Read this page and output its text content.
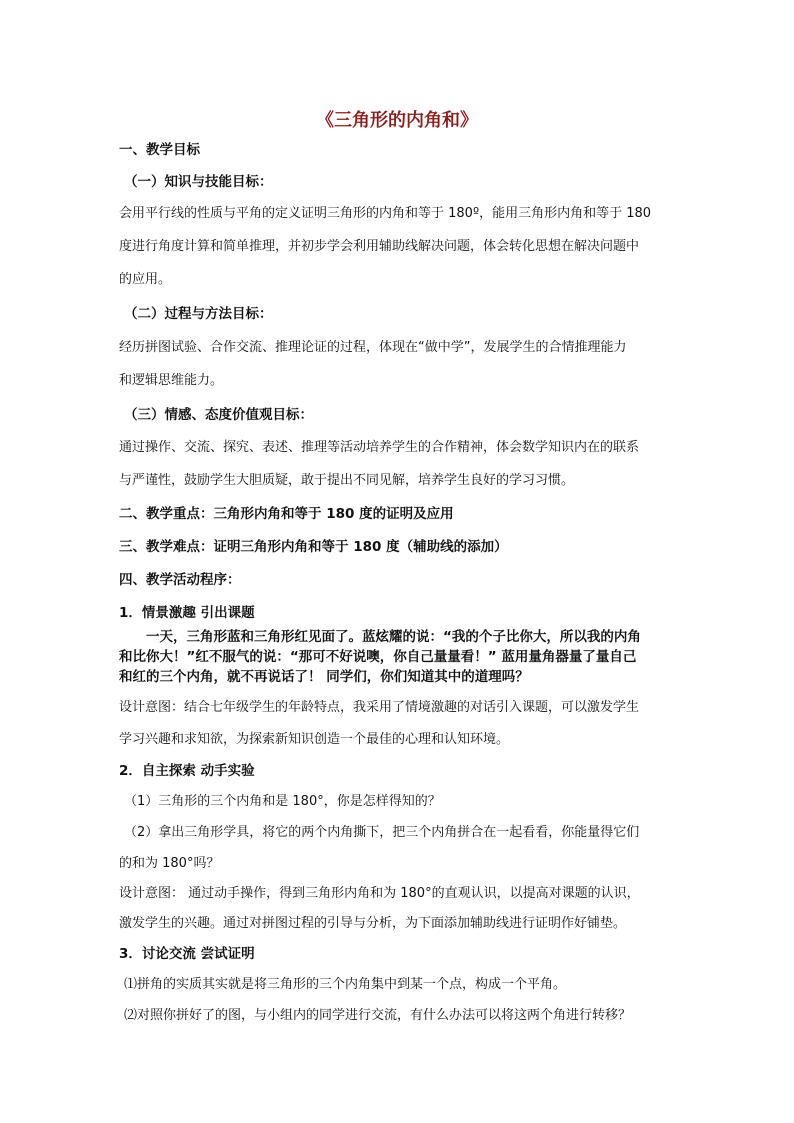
《三角形的内角和》
一、教学目标
（一）知识与技能目标：
会用平行线的性质与平角的定义证明三角形的内角和等于 180º，能用三角形内角和等于 180
度进行角度计算和简单推理，并初步学会利用辅助线解决问题，体会转化思想在解决问题中
的应用。
（二）过程与方法目标：
经历拼图试验、合作交流、推理论证的过程，体现在“做中学”，发展学生的合情推理能力
和逻辑思维能力。
（三）情感、态度价值观目标：
通过操作、交流、探究、表述、推理等活动培养学生的合作精神，体会数学知识内在的联系
与严谨性，鼓励学生大胆质疑，敢于提出不同见解，培养学生良好的学习习惯。
二、教学重点：三角形内角和等于 180 度的证明及应用
三、教学难点：证明三角形内角和等于 180 度（辅助线的添加）
四、教学活动程序：
1．情景激趣 引出课题
一天，三角形蓝和三角形红见面了。蓝炫耀的说：“我的个子比你大，所以我的内角
和比你大！”红不服气的说：“那可不好说噢，你自己量量看！” 蓝用量角器量了量自己
和红的三个内角，就不再说话了！ 同学们，你们知道其中的道理吗？
设计意图：结合七年级学生的年龄特点，我采用了情境激趣的对话引入课题，可以激发学生
学习兴趣和求知欲，为探索新知识创造一个最佳的心理和认知环境。
2．自主探索 动手实验
（1）三角形的三个内角和是 180°，你是怎样得知的？
（2）拿出三角形学具，将它的两个内角撕下，把三个内角拼合在一起看看，你能量得它们
的和为 180°吗？
设计意图： 通过动手操作，得到三角形内角和为 180°的直观认识，以提高对课题的认识，
激发学生的兴趣。通过对拼图过程的引导与分析，为下面添加辅助线进行证明作好铺垫。
3．讨论交流 尝试证明
⑴拼角的实质其实就是将三角形的三个内角集中到某一个点，构成一个平角。
⑵对照你拼好了的图，与小组内的同学进行交流，有什么办法可以将这两个角进行转移？
